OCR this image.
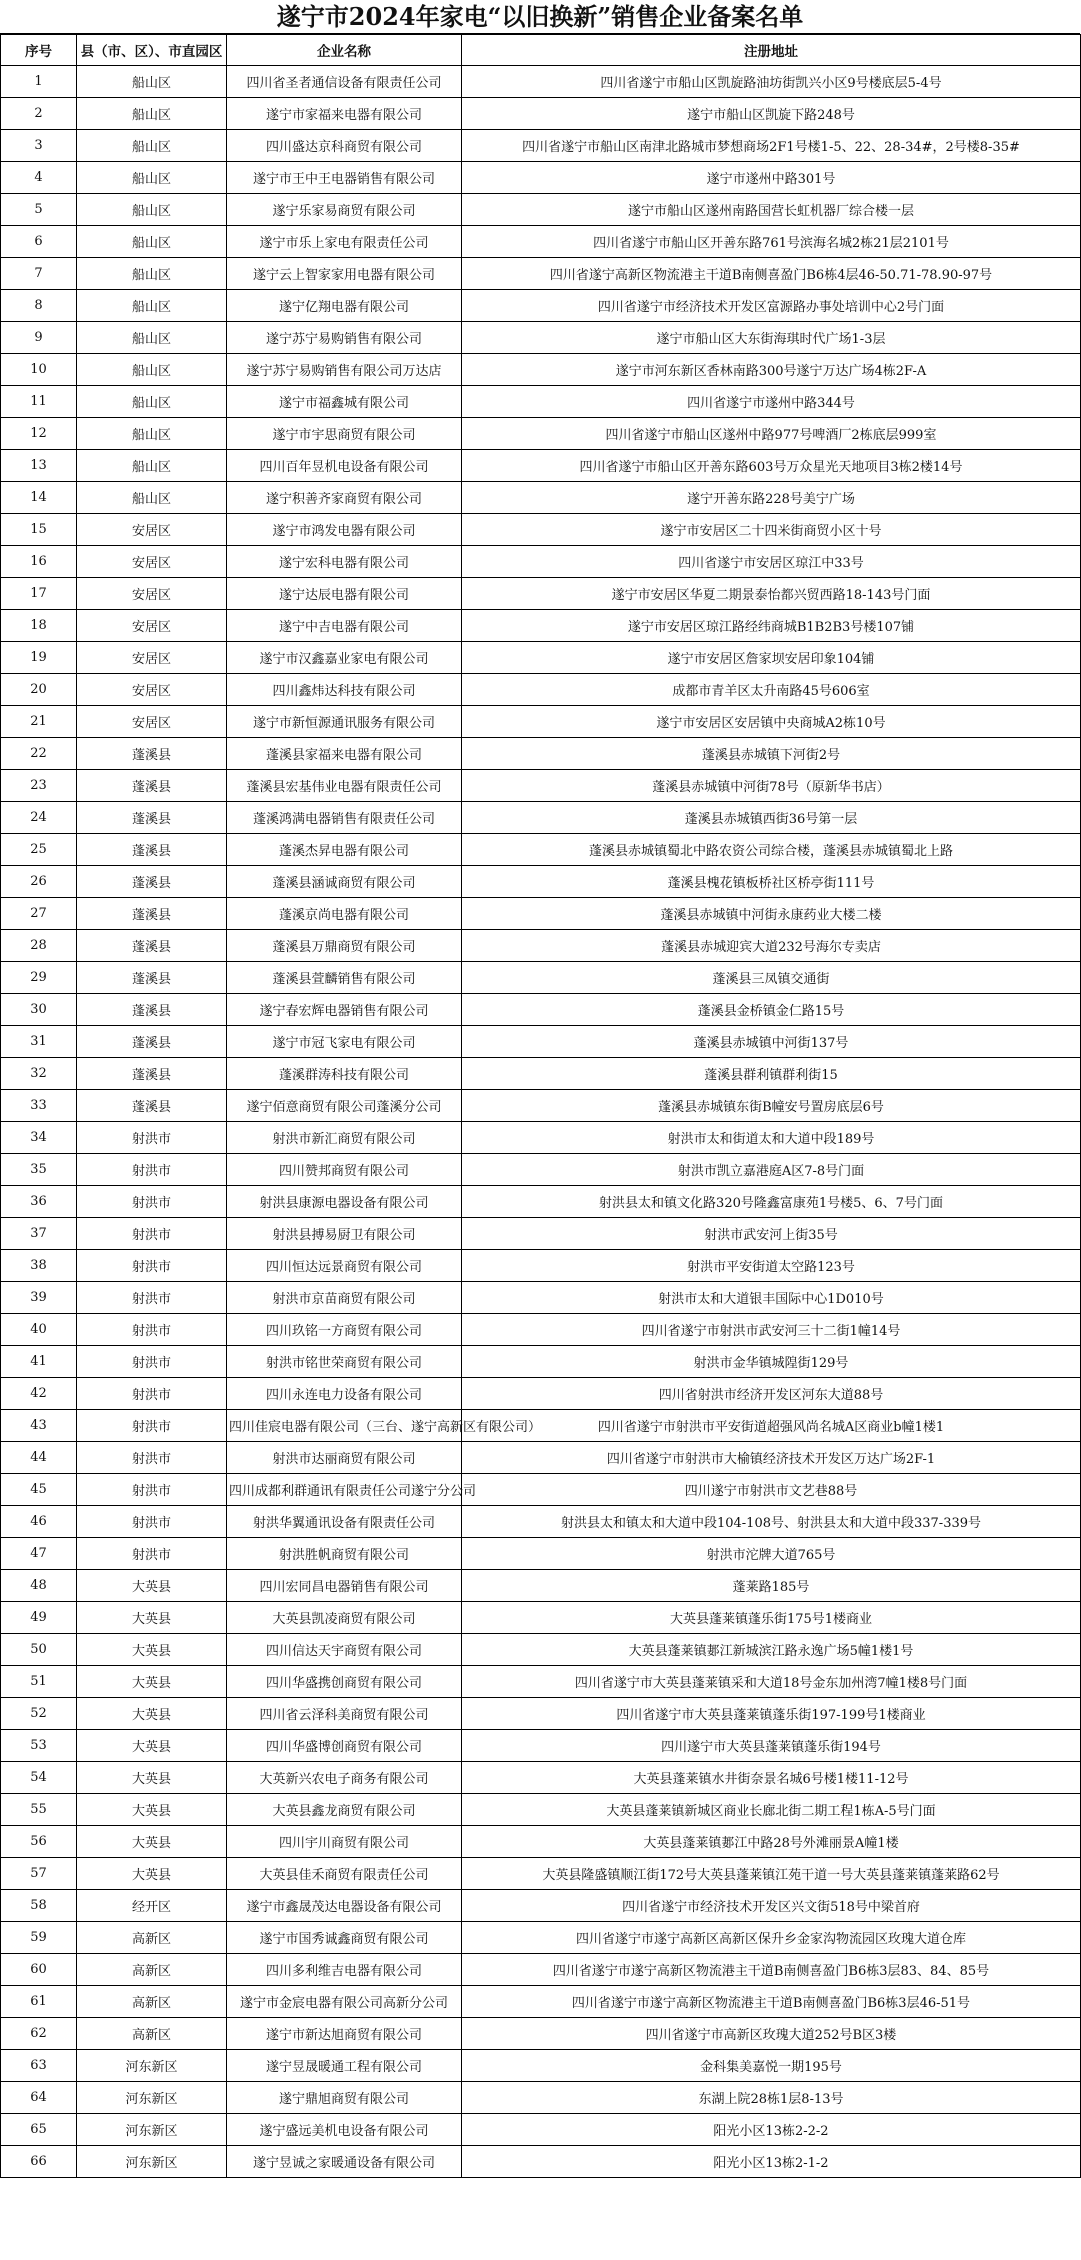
遂宁市2024年家电“以旧换新”销售企业备案名单
序号	县（市、区）、市直园区	企业名称	注册地址
1	船山区	四川省圣者通信设备有限责任公司	四川省遂宁市船山区凯旋路油坊街凯兴小区9号楼底层5-4号
2	船山区	遂宁市家福来电器有限公司	遂宁市船山区凯旋下路248号
3	船山区	四川盛达京科商贸有限公司	四川省遂宁市船山区南津北路城市梦想商场2F1号楼1-5、22、28-34#，2号楼8-35#
4	船山区	遂宁市王中王电器销售有限公司	遂宁市遂州中路301号
5	船山区	遂宁乐家易商贸有限公司	遂宁市船山区遂州南路国营长虹机器厂综合楼一层
6	船山区	遂宁市乐上家电有限责任公司	四川省遂宁市船山区开善东路761号滨海名城2栋21层2101号
7	船山区	遂宁云上智家家用电器有限公司	四川省遂宁高新区物流港主干道B南侧喜盈门B6栋4层46-50.71-78.90-97号
8	船山区	遂宁亿翔电器有限公司	四川省遂宁市经济技术开发区富源路办事处培训中心2号门面
9	船山区	遂宁苏宁易购销售有限公司	遂宁市船山区大东街海琪时代广场1-3层
10	船山区	遂宁苏宁易购销售有限公司万达店	遂宁市河东新区香林南路300号遂宁万达广场4栋2F-A
11	船山区	遂宁市福鑫城有限公司	四川省遂宁市遂州中路344号
12	船山区	遂宁市宇思商贸有限公司	四川省遂宁市船山区遂州中路977号啤酒厂2栋底层999室
13	船山区	四川百年昱机电设备有限公司	四川省遂宁市船山区开善东路603号万众星光天地项目3栋2楼14号
14	船山区	遂宁积善齐家商贸有限公司	遂宁开善东路228号美宁广场
15	安居区	遂宁市鸿发电器有限公司	遂宁市安居区二十四米街商贸小区十号
16	安居区	遂宁宏科电器有限公司	四川省遂宁市安居区琼江中33号
17	安居区	遂宁达辰电器有限公司	遂宁市安居区华夏二期景泰怡都兴贸西路18-143号门面
18	安居区	遂宁中吉电器有限公司	遂宁市安居区琼江路经纬商城B1B2B3号楼107铺
19	安居区	遂宁市汉鑫嘉业家电有限公司	遂宁市安居区詹家坝安居印象104铺
20	安居区	四川鑫炜达科技有限公司	成都市青羊区太升南路45号606室
21	安居区	遂宁市新恒源通讯服务有限公司	遂宁市安居区安居镇中央商城A2栋10号
22	蓬溪县	蓬溪县家福来电器有限公司	蓬溪县赤城镇下河街2号
23	蓬溪县	蓬溪县宏基伟业电器有限责任公司	蓬溪县赤城镇中河街78号（原新华书店）
24	蓬溪县	蓬溪鸿满电器销售有限责任公司	蓬溪县赤城镇西街36号第一层
25	蓬溪县	蓬溪杰昇电器有限公司	蓬溪县赤城镇蜀北中路农资公司综合楼，蓬溪县赤城镇蜀北上路
26	蓬溪县	蓬溪县涵诚商贸有限公司	蓬溪县槐花镇板桥社区桥亭街111号
27	蓬溪县	蓬溪京尚电器有限公司	蓬溪县赤城镇中河街永康药业大楼二楼
28	蓬溪县	蓬溪县万鼎商贸有限公司	蓬溪县赤城迎宾大道232号海尔专卖店
29	蓬溪县	蓬溪县萱麟销售有限公司	蓬溪县三凤镇交通街
30	蓬溪县	遂宁春宏辉电器销售有限公司	蓬溪县金桥镇金仁路15号
31	蓬溪县	遂宁市冠飞家电有限公司	蓬溪县赤城镇中河街137号
32	蓬溪县	蓬溪群涛科技有限公司	蓬溪县群利镇群利街15
33	蓬溪县	遂宁佰意商贸有限公司蓬溪分公司	蓬溪县赤城镇东街B幢安号置房底层6号
34	射洪市	射洪市新汇商贸有限公司	射洪市太和街道太和大道中段189号
35	射洪市	四川赞邦商贸有限公司	射洪市凯立嘉港庭A区7-8号门面
36	射洪市	射洪县康源电器设备有限公司	射洪县太和镇文化路320号隆鑫富康苑1号楼5、6、7号门面
37	射洪市	射洪县搏易厨卫有限公司	射洪市武安河上街35号
38	射洪市	四川恒达远景商贸有限公司	射洪市平安街道太空路123号
39	射洪市	射洪市京苗商贸有限公司	射洪市太和大道银丰国际中心1D010号
40	射洪市	四川玖铭一方商贸有限公司	四川省遂宁市射洪市武安河三十二街1幢14号
41	射洪市	射洪市铭世荣商贸有限公司	射洪市金华镇城隍街129号
42	射洪市	四川永连电力设备有限公司	四川省射洪市经济开发区河东大道88号
43	射洪市	四川佳宸电器有限公司（三台、遂宁高新区有限公司）	四川省遂宁市射洪市平安街道超强风尚名城A区商业b幢1楼1
44	射洪市	射洪市达丽商贸有限公司	四川省遂宁市射洪市大榆镇经济技术开发区万达广场2F-1
45	射洪市	四川成都利群通讯有限责任公司遂宁分公司	四川遂宁市射洪市文艺巷88号
46	射洪市	射洪华翼通讯设备有限责任公司	射洪县太和镇太和大道中段104-108号、射洪县太和大道中段337-339号
47	射洪市	射洪胜帆商贸有限公司	射洪市沱牌大道765号
48	大英县	四川宏同昌电器销售有限公司	蓬莱路185号
49	大英县	大英县凯凌商贸有限公司	大英县蓬莱镇蓬乐街175号1楼商业
50	大英县	四川信达天宇商贸有限公司	大英县蓬莱镇郪江新城滨江路永逸广场5幢1楼1号
51	大英县	四川华盛携创商贸有限公司	四川省遂宁市大英县蓬莱镇采和大道18号金东加州湾7幢1楼8号门面
52	大英县	四川省云泽科美商贸有限公司	四川省遂宁市大英县蓬莱镇蓬乐街197-199号1楼商业
53	大英县	四川华盛博创商贸有限公司	四川遂宁市大英县蓬莱镇蓬乐街194号
54	大英县	大英新兴农电子商务有限公司	大英县蓬莱镇水井街奈景名城6号楼1楼11-12号
55	大英县	大英县鑫龙商贸有限公司	大英县蓬莱镇新城区商业长廊北街二期工程1栋A-5号门面
56	大英县	四川宇川商贸有限公司	大英县蓬莱镇郪江中路28号外滩丽景A幢1楼
57	大英县	大英县佳禾商贸有限责任公司	大英县隆盛镇顺江街172号大英县蓬莱镇江苑干道一号大英县蓬莱镇蓬莱路62号
58	经开区	遂宁市鑫晟茂达电器设备有限公司	四川省遂宁市经济技术开发区兴文街518号中梁首府
59	高新区	遂宁市国秀诚鑫商贸有限公司	四川省遂宁市遂宁高新区高新区保升乡金家沟物流园区玫瑰大道仓库
60	高新区	四川多利维吉电器有限公司	四川省遂宁市遂宁高新区物流港主干道B南侧喜盈门B6栋3层83、84、85号
61	高新区	遂宁市金宸电器有限公司高新分公司	四川省遂宁市遂宁高新区物流港主干道B南侧喜盈门B6栋3层46-51号
62	高新区	遂宁市新达旭商贸有限公司	四川省遂宁市高新区玫瑰大道252号B区3楼
63	河东新区	遂宁昱晟暖通工程有限公司	金科集美嘉悦一期195号
64	河东新区	遂宁鼎旭商贸有限公司	东湖上院28栋1层8-13号
65	河东新区	遂宁盛远美机电设备有限公司	阳光小区13栋2-2-2
66	河东新区	遂宁昱诚之家暖通设备有限公司	阳光小区13栋2-1-2
